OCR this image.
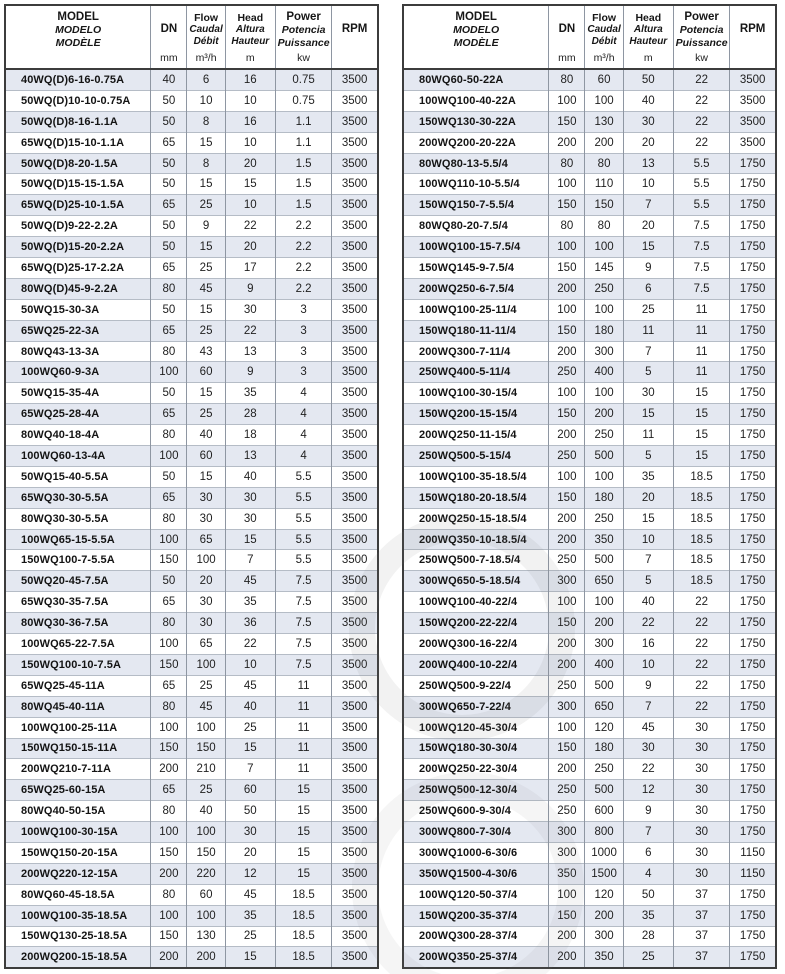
MODEL
MODELO
MODÈLE

DN
mm

Flow
Caudal
Débit
m³/h

Head
Altura
Hauteur
m

Power
Potencia
Puissance
kw

RPM

40WQ(D)6-16-0.75A	40	6	16	0.75	3500
50WQ(D)10-10-0.75A	50	10	10	0.75	3500
50WQ(D)8-16-1.1A	50	8	16	1.1	3500
65WQ(D)15-10-1.1A	65	15	10	1.1	3500
50WQ(D)8-20-1.5A	50	8	20	1.5	3500
50WQ(D)15-15-1.5A	50	15	15	1.5	3500
65WQ(D)25-10-1.5A	65	25	10	1.5	3500
50WQ(D)9-22-2.2A	50	9	22	2.2	3500
50WQ(D)15-20-2.2A	50	15	20	2.2	3500
65WQ(D)25-17-2.2A	65	25	17	2.2	3500
80WQ(D)45-9-2.2A	80	45	9	2.2	3500
50WQ15-30-3A	50	15	30	3	3500
65WQ25-22-3A	65	25	22	3	3500
80WQ43-13-3A	80	43	13	3	3500
100WQ60-9-3A	100	60	9	3	3500
50WQ15-35-4A	50	15	35	4	3500
65WQ25-28-4A	65	25	28	4	3500
80WQ40-18-4A	80	40	18	4	3500
100WQ60-13-4A	100	60	13	4	3500
50WQ15-40-5.5A	50	15	40	5.5	3500
65WQ30-30-5.5A	65	30	30	5.5	3500
80WQ30-30-5.5A	80	30	30	5.5	3500
100WQ65-15-5.5A	100	65	15	5.5	3500
150WQ100-7-5.5A	150	100	7	5.5	3500
50WQ20-45-7.5A	50	20	45	7.5	3500
65WQ30-35-7.5A	65	30	35	7.5	3500
80WQ30-36-7.5A	80	30	36	7.5	3500
100WQ65-22-7.5A	100	65	22	7.5	3500
150WQ100-10-7.5A	150	100	10	7.5	3500
65WQ25-45-11A	65	25	45	11	3500
80WQ45-40-11A	80	45	40	11	3500
100WQ100-25-11A	100	100	25	11	3500
150WQ150-15-11A	150	150	15	11	3500
200WQ210-7-11A	200	210	7	11	3500
65WQ25-60-15A	65	25	60	15	3500
80WQ40-50-15A	80	40	50	15	3500
100WQ100-30-15A	100	100	30	15	3500
150WQ150-20-15A	150	150	20	15	3500
200WQ220-12-15A	200	220	12	15	3500
80WQ60-45-18.5A	80	60	45	18.5	3500
100WQ100-35-18.5A	100	100	35	18.5	3500
150WQ130-25-18.5A	150	130	25	18.5	3500
200WQ200-15-18.5A	200	200	15	18.5	3500
MODEL
MODELO
MODÈLE

DN
mm

Flow
Caudal
Débit
m³/h

Head
Altura
Hauteur
m

Power
Potencia
Puissance
kw

RPM

80WQ60-50-22A	80	60	50	22	3500
100WQ100-40-22A	100	100	40	22	3500
150WQ130-30-22A	150	130	30	22	3500
200WQ200-20-22A	200	200	20	22	3500
80WQ80-13-5.5/4	80	80	13	5.5	1750
100WQ110-10-5.5/4	100	110	10	5.5	1750
150WQ150-7-5.5/4	150	150	7	5.5	1750
80WQ80-20-7.5/4	80	80	20	7.5	1750
100WQ100-15-7.5/4	100	100	15	7.5	1750
150WQ145-9-7.5/4	150	145	9	7.5	1750
200WQ250-6-7.5/4	200	250	6	7.5	1750
100WQ100-25-11/4	100	100	25	11	1750
150WQ180-11-11/4	150	180	11	11	1750
200WQ300-7-11/4	200	300	7	11	1750
250WQ400-5-11/4	250	400	5	11	1750
100WQ100-30-15/4	100	100	30	15	1750
150WQ200-15-15/4	150	200	15	15	1750
200WQ250-11-15/4	200	250	11	15	1750
250WQ500-5-15/4	250	500	5	15	1750
100WQ100-35-18.5/4	100	100	35	18.5	1750
150WQ180-20-18.5/4	150	180	20	18.5	1750
200WQ250-15-18.5/4	200	250	15	18.5	1750
200WQ350-10-18.5/4	200	350	10	18.5	1750
250WQ500-7-18.5/4	250	500	7	18.5	1750
300WQ650-5-18.5/4	300	650	5	18.5	1750
100WQ100-40-22/4	100	100	40	22	1750
150WQ200-22-22/4	150	200	22	22	1750
200WQ300-16-22/4	200	300	16	22	1750
200WQ400-10-22/4	200	400	10	22	1750
250WQ500-9-22/4	250	500	9	22	1750
300WQ650-7-22/4	300	650	7	22	1750
100WQ120-45-30/4	100	120	45	30	1750
150WQ180-30-30/4	150	180	30	30	1750
200WQ250-22-30/4	200	250	22	30	1750
250WQ500-12-30/4	250	500	12	30	1750
250WQ600-9-30/4	250	600	9	30	1750
300WQ800-7-30/4	300	800	7	30	1750
300WQ1000-6-30/6	300	1000	6	30	1150
350WQ1500-4-30/6	350	1500	4	30	1150
100WQ120-50-37/4	100	120	50	37	1750
150WQ200-35-37/4	150	200	35	37	1750
200WQ300-28-37/4	200	300	28	37	1750
200WQ350-25-37/4	200	350	25	37	1750
